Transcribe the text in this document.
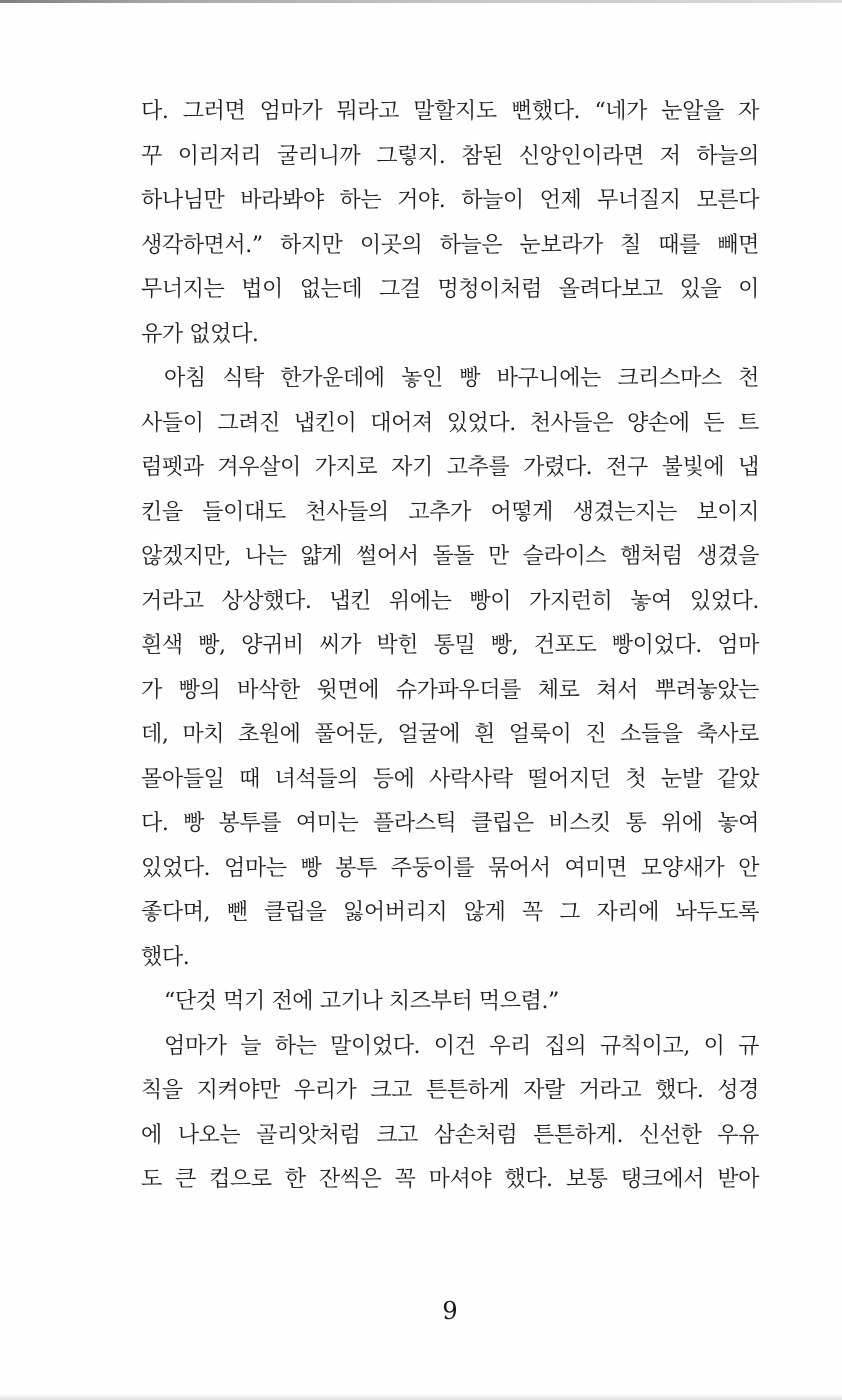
다. 그러면 엄마가 뭐라고 말할지도 뻔했다. “네가 눈알을 자
꾸 이리저리 굴리니까 그렇지. 참된 신앙인이라면 저 하늘의
하나님만 바라봐야 하는 거야. 하늘이 언제 무너질지 모른다
생각하면서.” 하지만 이곳의 하늘은 눈보라가 칠 때를 빼면
무너지는 법이 없는데 그걸 멍청이처럼 올려다보고 있을 이
유가 없었다.
아침 식탁 한가운데에 놓인 빵 바구니에는 크리스마스 천
사들이 그려진 냅킨이 대어져 있었다. 천사들은 양손에 든 트
럼펫과 겨우살이 가지로 자기 고추를 가렸다. 전구 불빛에 냅
킨을 들이대도 천사들의 고추가 어떻게 생겼는지는 보이지
않겠지만, 나는 얇게 썰어서 돌돌 만 슬라이스 햄처럼 생겼을
거라고 상상했다. 냅킨 위에는 빵이 가지런히 놓여 있었다.
흰색 빵, 양귀비 씨가 박힌 통밀 빵, 건포도 빵이었다. 엄마
가 빵의 바삭한 윗면에 슈가파우더를 체로 쳐서 뿌려놓았는
데, 마치 초원에 풀어둔, 얼굴에 흰 얼룩이 진 소들을 축사로
몰아들일 때 녀석들의 등에 사락사락 떨어지던 첫 눈발 같았
다. 빵 봉투를 여미는 플라스틱 클립은 비스킷 통 위에 놓여
있었다. 엄마는 빵 봉투 주둥이를 묶어서 여미면 모양새가 안
좋다며, 뺀 클립을 잃어버리지 않게 꼭 그 자리에 놔두도록
했다.
“단것 먹기 전에 고기나 치즈부터 먹으렴.”
엄마가 늘 하는 말이었다. 이건 우리 집의 규칙이고, 이 규
칙을 지켜야만 우리가 크고 튼튼하게 자랄 거라고 했다. 성경
에 나오는 골리앗처럼 크고 삼손처럼 튼튼하게. 신선한 우유
도 큰 컵으로 한 잔씩은 꼭 마셔야 했다. 보통 탱크에서 받아
9
